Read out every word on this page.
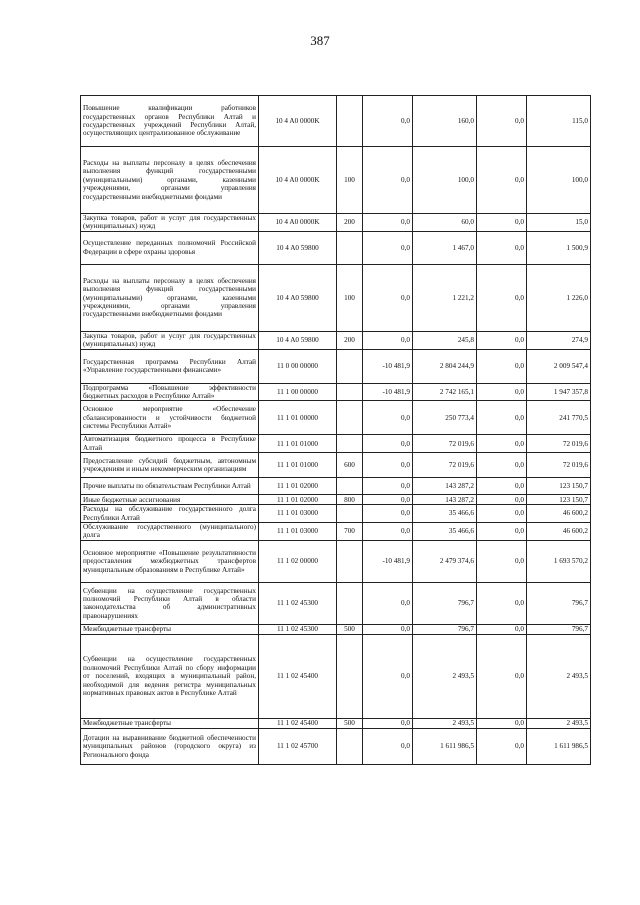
387
Повышение квалификации работников государственных органов Республики Алтай и государственных учреждений Республики Алтай, осуществляющих централизованное обслуживание	10 4 A0 0000K		0,0	160,0	0,0	115,0
Расходы на выплаты персоналу в целях обеспечения выполнения функций государственными (муниципальными) органами, казенными учреждениями, органами управления государственными внебюджетными фондами	10 4 A0 0000K	100	0,0	100,0	0,0	100,0
Закупка товаров, работ и услуг для государственных (муниципальных) нужд	10 4 A0 0000K	200	0,0	60,0	0,0	15,0
Осуществление переданных полномочий Российской Федерации в сфере охраны здоровья	10 4 A0 59800		0,0	1 467,0	0,0	1 500,9
Расходы на выплаты персоналу в целях обеспечения выполнения функций государственными (муниципальными) органами, казенными учреждениями, органами управления государственными внебюджетными фондами	10 4 A0 59800	100	0,0	1 221,2	0,0	1 226,0
Закупка товаров, работ и услуг для государственных (муниципальных) нужд	10 4 A0 59800	200	0,0	245,8	0,0	274,9
Государственная программа Республики Алтай «Управление государственными финансами»	11 0 00 00000		-10 481,9	2 804 244,9	0,0	2 009 547,4
Подпрограмма «Повышение эффективности бюджетных расходов в Республике Алтай»	11 1 00 00000		-10 481,9	2 742 165,1	0,0	1 947 357,8
Основное мероприятие «Обеспечение сбалансированности и устойчивости бюджетной системы Республики Алтай»	11 1 01 00000		0,0	250 773,4	0,0	241 770,5
Автоматизация бюджетного процесса в Республике Алтай	11 1 01 01000		0,0	72 019,6	0,0	72 019,6
Предоставление субсидий бюджетным, автономным учреждениям и иным некоммерческим организациям	11 1 01 01000	600	0,0	72 019,6	0,0	72 019,6
Прочие выплаты по обязательствам Республики Алтай	11 1 01 02000		0,0	143 287,2	0,0	123 150,7
Иные бюджетные ассигнования	11 1 01 02000	800	0,0	143 287,2	0,0	123 150,7
Расходы на обслуживание государственного долга Республики Алтай	11 1 01 03000		0,0	35 466,6	0,0	46 600,2
Обслуживание государственного (муниципального) долга	11 1 01 03000	700	0,0	35 466,6	0,0	46 600,2
Основное мероприятие «Повышение результативности предоставления межбюджетных трансфертов муниципальным образованиям в Республике Алтай»	11 1 02 00000		-10 481,9	2 479 374,6	0,0	1 693 570,2
Субвенции на осуществление государственных полномочий Республики Алтай в области законодательства об административных правонарушениях	11 1 02 45300		0,0	796,7	0,0	796,7
Межбюджетные трансферты	11 1 02 45300	500	0,0	796,7	0,0	796,7
Субвенции на осуществление государственных полномочий Республики Алтай по сбору информации от поселений, входящих в муниципальный район, необходимой для ведения регистра муниципальных нормативных правовых актов в Республике Алтай	11 1 02 45400		0,0	2 493,5	0,0	2 493,5
Межбюджетные трансферты	11 1 02 45400	500	0,0	2 493,5	0,0	2 493,5
Дотации на выравнивание бюджетной обеспеченности муниципальных районов (городского округа) из Регионального фонда	11 1 02 45700		0,0	1 611 986,5	0,0	1 611 986,5
